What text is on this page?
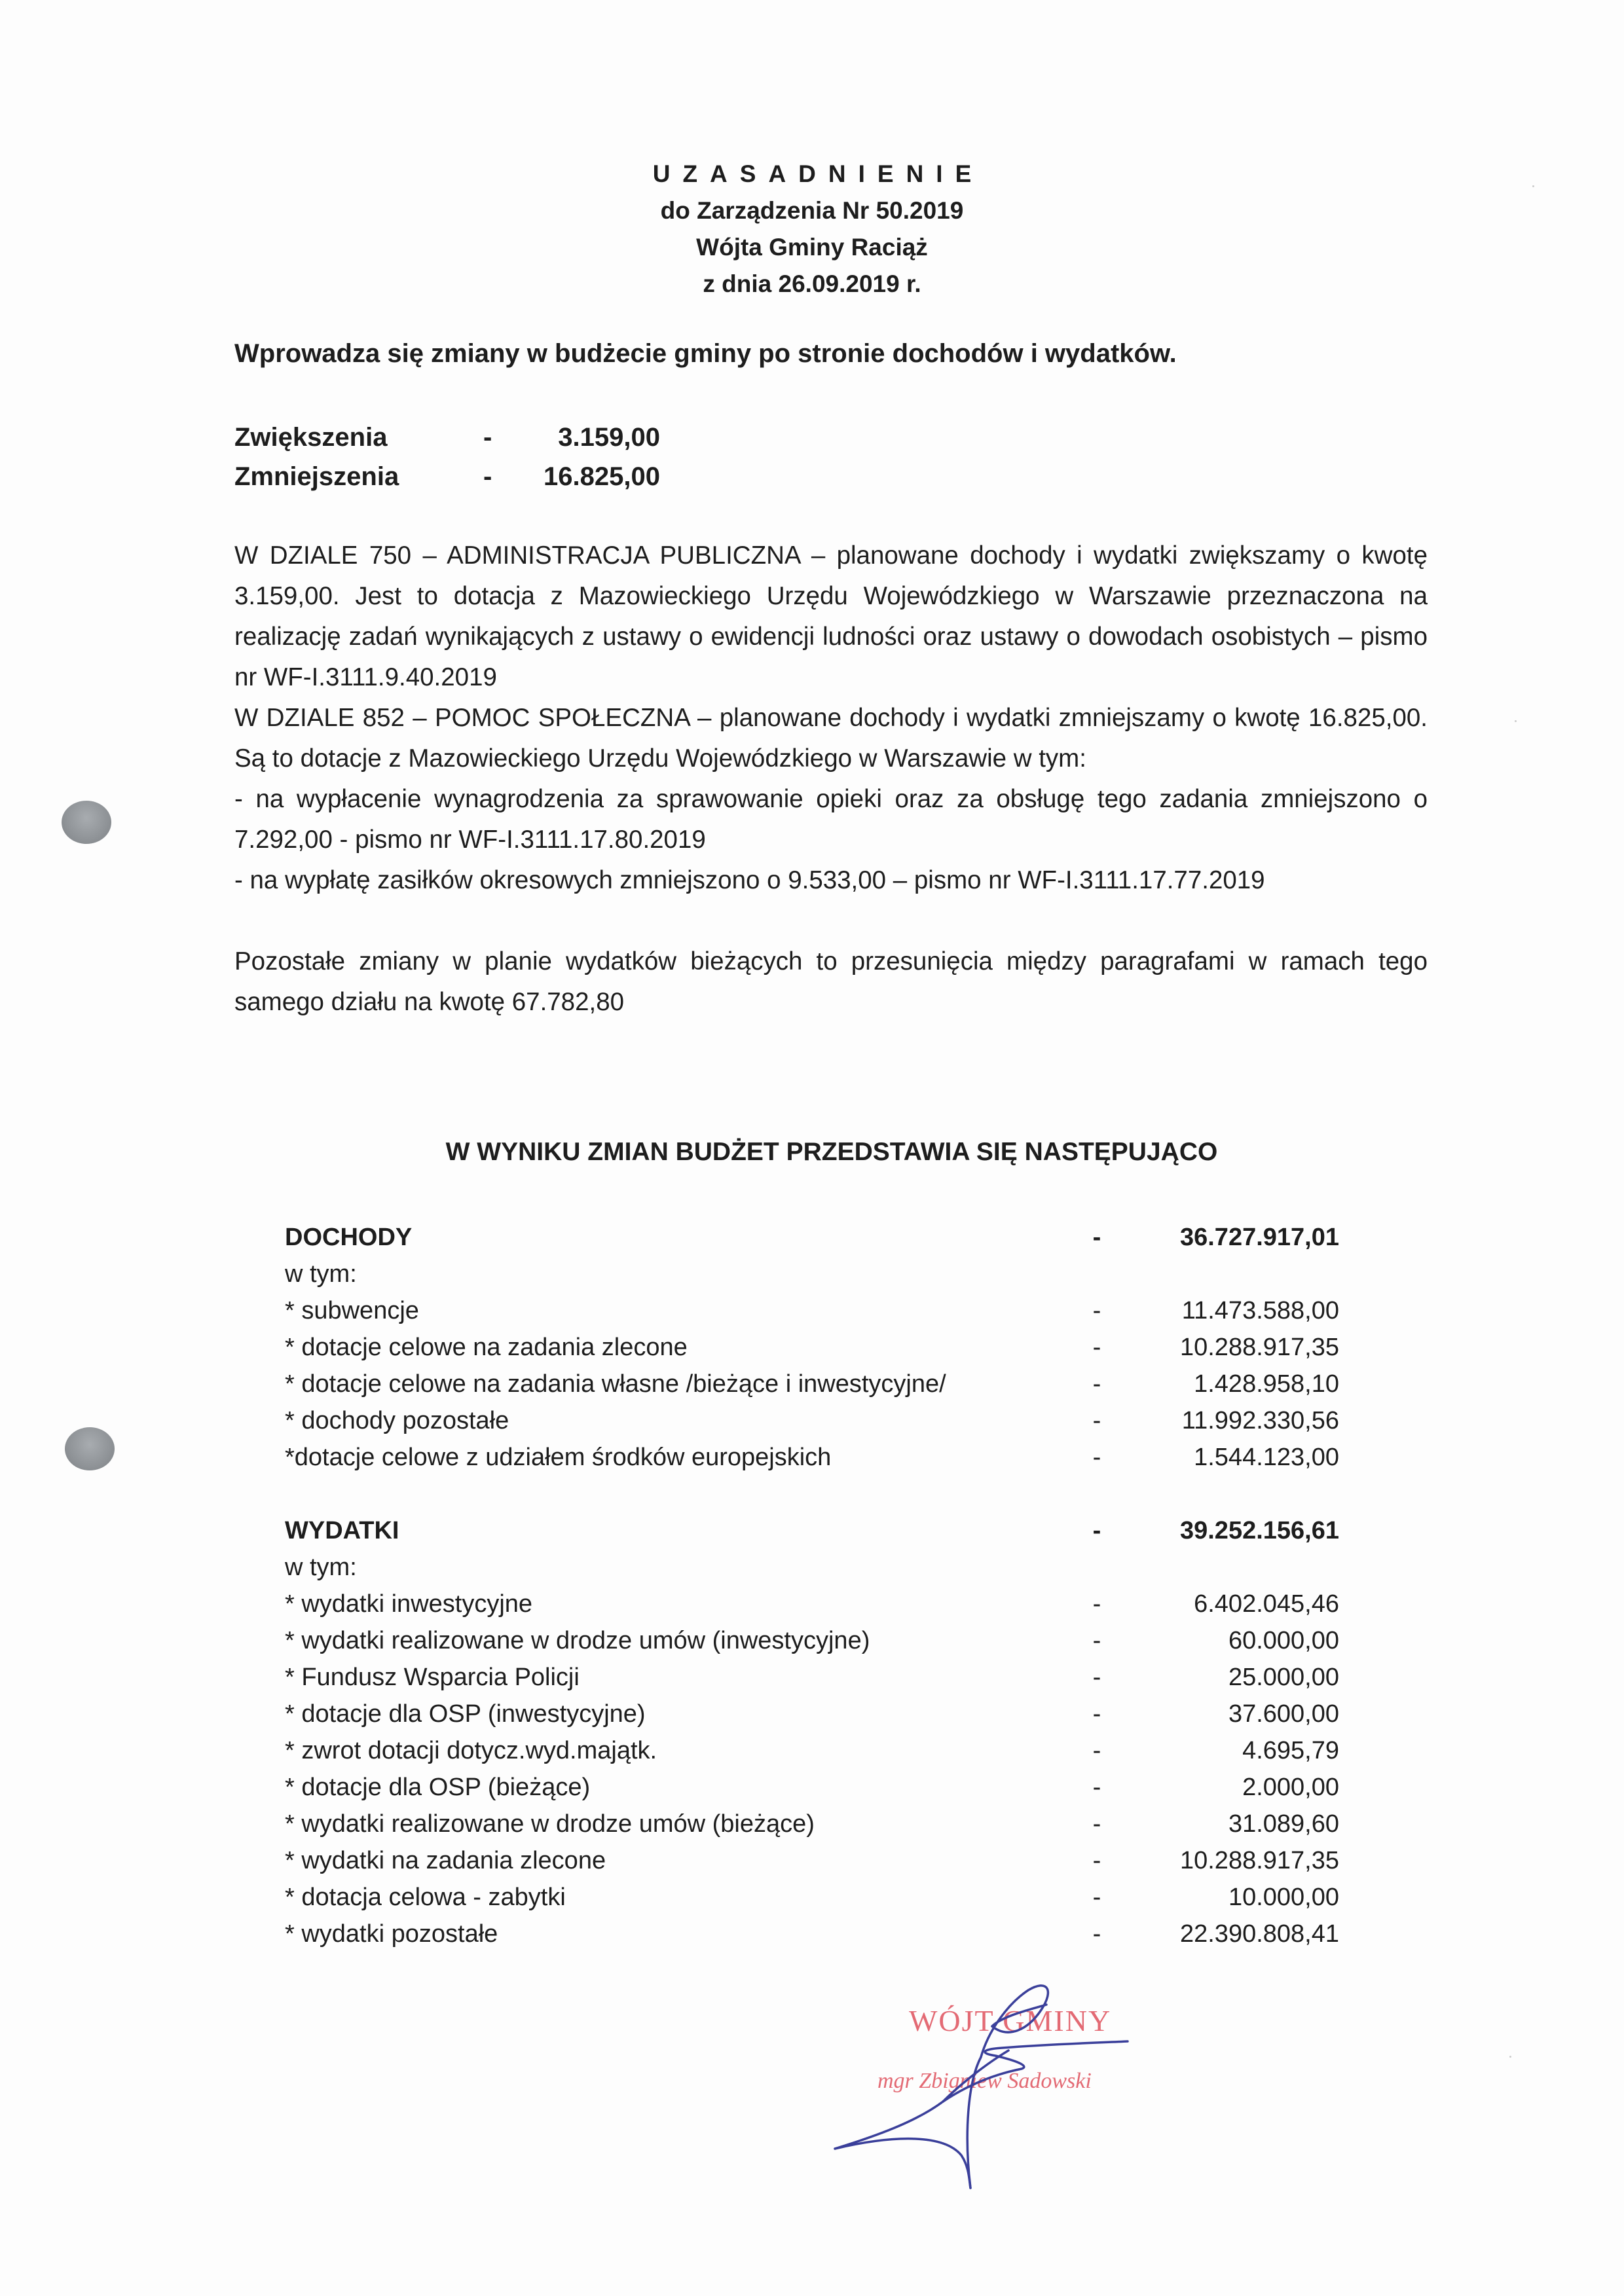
UZASADNIENIE
do Zarządzenia Nr 50.2019
Wójta Gminy Raciąż
z dnia 26.09.2019 r.
Wprowadza się zmiany w budżecie gminy po stronie dochodów i wydatków.
Zwiększenia	-	3.159,00
Zmniejszenia	-	16.825,00

W DZIALE 750 – ADMINISTRACJA PUBLICZNA – planowane dochody i wydatki zwiększamy o kwotę 3.159,00. Jest to dotacja z Mazowieckiego Urzędu Wojewódzkiego w Warszawie przeznaczona na realizację zadań wynikających z ustawy o ewidencji ludności oraz ustawy o dowodach osobistych – pismo nr WF-I.3111.9.40.2019

W DZIALE 852 – POMOC SPOŁECZNA – planowane dochody i wydatki zmniejszamy o kwotę 16.825,00. Są to dotacje z Mazowieckiego Urzędu Wojewódzkiego w Warszawie w tym:

- na wypłacenie wynagrodzenia za sprawowanie opieki oraz za obsługę tego zadania zmniejszono o 7.292,00 - pismo nr WF-I.3111.17.80.2019

- na wypłatę zasiłków okresowych zmniejszono o 9.533,00 – pismo nr WF-I.3111.17.77.2019

Pozostałe zmiany w planie wydatków bieżących to przesunięcia między paragrafami w ramach tego samego działu na kwotę 67.782,80

W WYNIKU ZMIAN BUDŻET PRZEDSTAWIA SIĘ NASTĘPUJĄCO
DOCHODY	-	36.727.917,01
w tym:
* subwencje	-	11.473.588,00
* dotacje celowe na zadania zlecone	-	10.288.917,35
* dotacje celowe na zadania własne /bieżące i inwestycyjne/	-	1.428.958,10
* dochody pozostałe	-	11.992.330,56
*dotacje celowe z udziałem środków europejskich	-	1.544.123,00
WYDATKI	-	39.252.156,61
w tym:
* wydatki inwestycyjne	-	6.402.045,46
* wydatki realizowane w drodze umów (inwestycyjne)	-	60.000,00
* Fundusz Wsparcia Policji	-	25.000,00
* dotacje dla OSP (inwestycyjne)	-	37.600,00
* zwrot dotacji dotycz.wyd.majątk.	-	4.695,79
* dotacje dla OSP (bieżące)	-	2.000,00
* wydatki realizowane w drodze umów (bieżące)	-	31.089,60
* wydatki na zadania zlecone	-	10.288.917,35
* dotacja celowa - zabytki	-	10.000,00
* wydatki pozostałe	-	22.390.808,41
WÓJT GMINY
mgr Zbigniew Sadowski
